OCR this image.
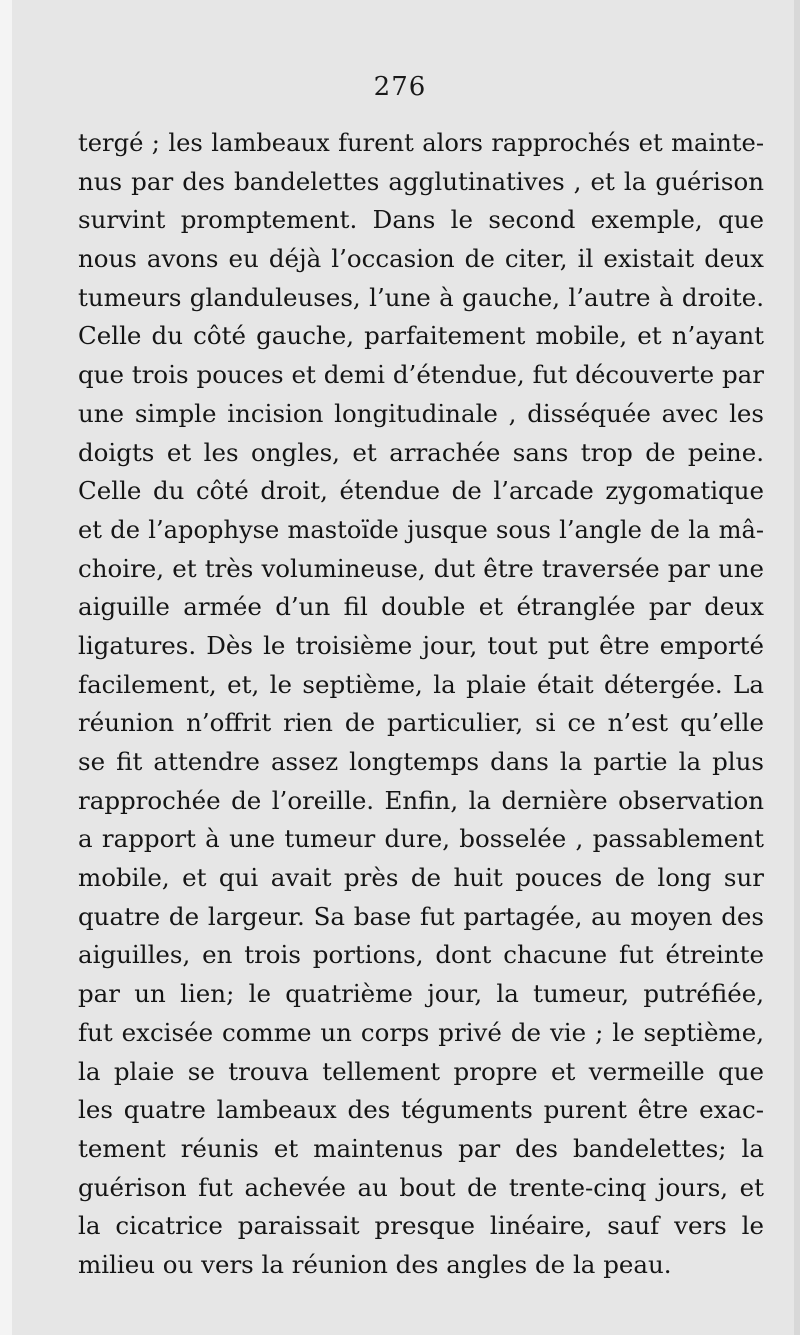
276
tergé ; les lambeaux furent alors rapprochés et mainte-
nus par des bandelettes agglutinatives , et la guérison
survint promptement. Dans le second exemple, que
nous avons eu déjà l’occasion de citer, il existait deux
tumeurs glanduleuses, l’une à gauche, l’autre à droite.
Celle du côté gauche, parfaitement mobile, et n’ayant
que trois pouces et demi d’étendue, fut découverte par
une simple incision longitudinale , disséquée avec les
doigts et les ongles, et arrachée sans trop de peine.
Celle du côté droit, étendue de l’arcade zygomatique
et de l’apophyse mastoïde jusque sous l’angle de la mâ-
choire, et très volumineuse, dut être traversée par une
aiguille armée d’un fil double et étranglée par deux
ligatures. Dès le troisième jour, tout put être emporté
facilement, et, le septième, la plaie était détergée. La
réunion n’offrit rien de particulier, si ce n’est qu’elle
se fit attendre assez longtemps dans la partie la plus
rapprochée de l’oreille. Enfin, la dernière observation
a rapport à une tumeur dure, bosselée , passablement
mobile, et qui avait près de huit pouces de long sur
quatre de largeur. Sa base fut partagée, au moyen des
aiguilles, en trois portions, dont chacune fut étreinte
par un lien; le quatrième jour, la tumeur, putréfiée,
fut excisée comme un corps privé de vie ; le septième,
la plaie se trouva tellement propre et vermeille que
les quatre lambeaux des téguments purent être exac-
tement réunis et maintenus par des bandelettes; la
guérison fut achevée au bout de trente-cinq jours, et
la cicatrice paraissait presque linéaire, sauf vers le
milieu ou vers la réunion des angles de la peau.
